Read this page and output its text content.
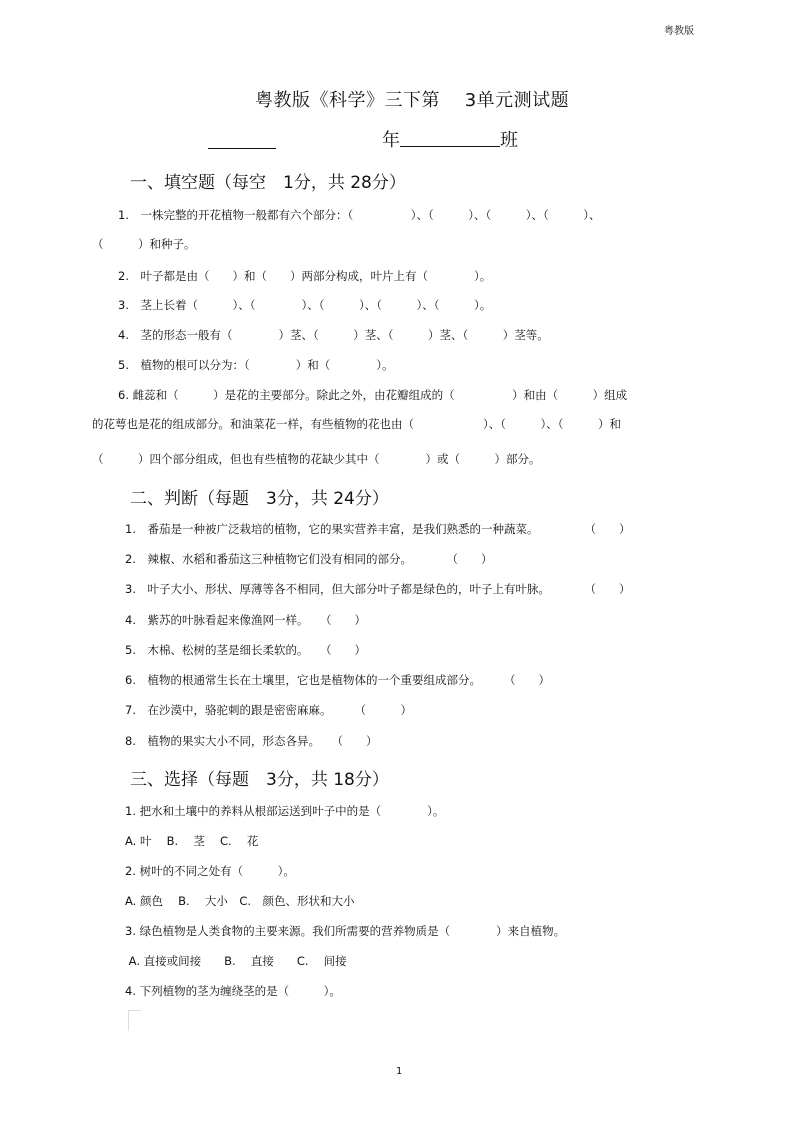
粤教版
粤教版《科学》三下第　 3单元测试题
年	班
一、填空题（每空　1分，共 28分）
1.　一株完整的开花植物一般都有六个部分：（　　　　　）、（　　　）、（　　　）、（　　　）、
（　　　）和种子。
2.　叶子都是由（　　）和（　　）两部分构成，叶片上有（　　　　）。
3.　茎上长着（　　　）、（　　　　）、（　　　）、（　　　）、（　　　）。
4.　茎的形态一般有（　　　　）茎、（　　　）茎、（　　　）茎、（　　　）茎等。
5.　植物的根可以分为：（　　　　）和（　　　　）。
6. 雌蕊和（　　　）是花的主要部分。除此之外，由花瓣组成的（　　　　　）和由（　　　）组成
的花萼也是花的组成部分。和油菜花一样，有些植物的花也由（　　　　　　）、（　　　）、（　　　）和
（　　　）四个部分组成，但也有些植物的花缺少其中（　　　　）或（　　　）部分。
二、判断（每题　3分，共 24分）
1.　番茄是一种被广泛栽培的植物，它的果实营养丰富，是我们熟悉的一种蔬菜。　　　　　（　　）
2.　辣椒、水稻和番茄这三种植物它们没有相同的部分。　　　　（　　）
3.　叶子大小、形状、厚薄等各不相同，但大部分叶子都是绿色的，叶子上有叶脉。　　　　（　　）
4.　紫苏的叶脉看起来像渔网一样。　　（　　）
5.　木棉、松树的茎是细长柔软的。　　（　　）
6.　植物的根通常生长在土壤里，它也是植物体的一个重要组成部分。　　　（　　）
7.　在沙漠中，骆驼刺的跟是密密麻麻。　　　（　　　）
8.　植物的果实大小不同，形态各异。　　（　　）
三、选择（每题　3分，共 18分）
1. 把水和土壤中的养料从根部运送到叶子中的是（　　　　）。
A. 叶　 B.　 茎　 C.　 花
2. 树叶的不同之处有（　　　）。
A. 颜色　 B.　 大小　C.　颜色、形状和大小
3. 绿色植物是人类食物的主要来源。我们所需要的营养物质是（　　　　）来自植物。
A. 直接或间接　　B.　 直接　　C.　 间接
4. 下列植物的茎为缠绕茎的是（　　　）。
1
